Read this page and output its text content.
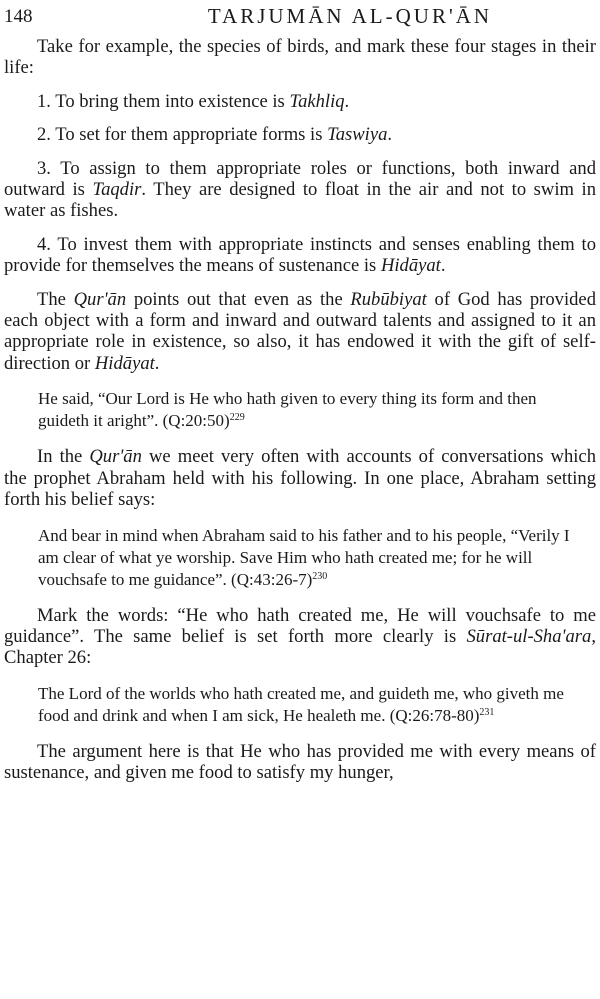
148	TARJUMĀN AL-QUR'ĀN

Take for example, the species of birds, and mark these four stages in their life:

1. To bring them into existence is Takhliq.

2. To set for them appropriate forms is Taswiya.

3. To assign to them appropriate roles or functions, both inward and outward is Taqdir. They are designed to float in the air and not to swim in water as fishes.

4. To invest them with appropriate instincts and senses enabling them to provide for themselves the means of sustenance is Hidāyat.

The Qur'ān points out that even as the Rubūbiyat of God has provided each object with a form and inward and outward talents and assigned to it an appropriate role in existence, so also, it has endowed it with the gift of self-direction or Hidāyat.

He said, “Our Lord is He who hath given to every thing its form and then guideth it aright”. (Q:20:50)$^{229}$

In the Qur'ān we meet very often with accounts of conversations which the prophet Abraham held with his following. In one place, Abraham setting forth his belief says:

And bear in mind when Abraham said to his father and to his people, “Verily I am clear of what ye worship. Save Him who hath created me; for he will vouchsafe to me guidance”. (Q:43:26-7)$^{230}$

Mark the words: “He who hath created me, He will vouchsafe to me guidance”. The same belief is set forth more clearly is Sūrat-ul-Sha'ara, Chapter 26:

The Lord of the worlds who hath created me, and guideth me, who giveth me food and drink and when I am sick, He healeth me. (Q:26:78-80)$^{231}$

The argument here is that He who has provided me with every means of sustenance, and given me food to satisfy my hunger,
